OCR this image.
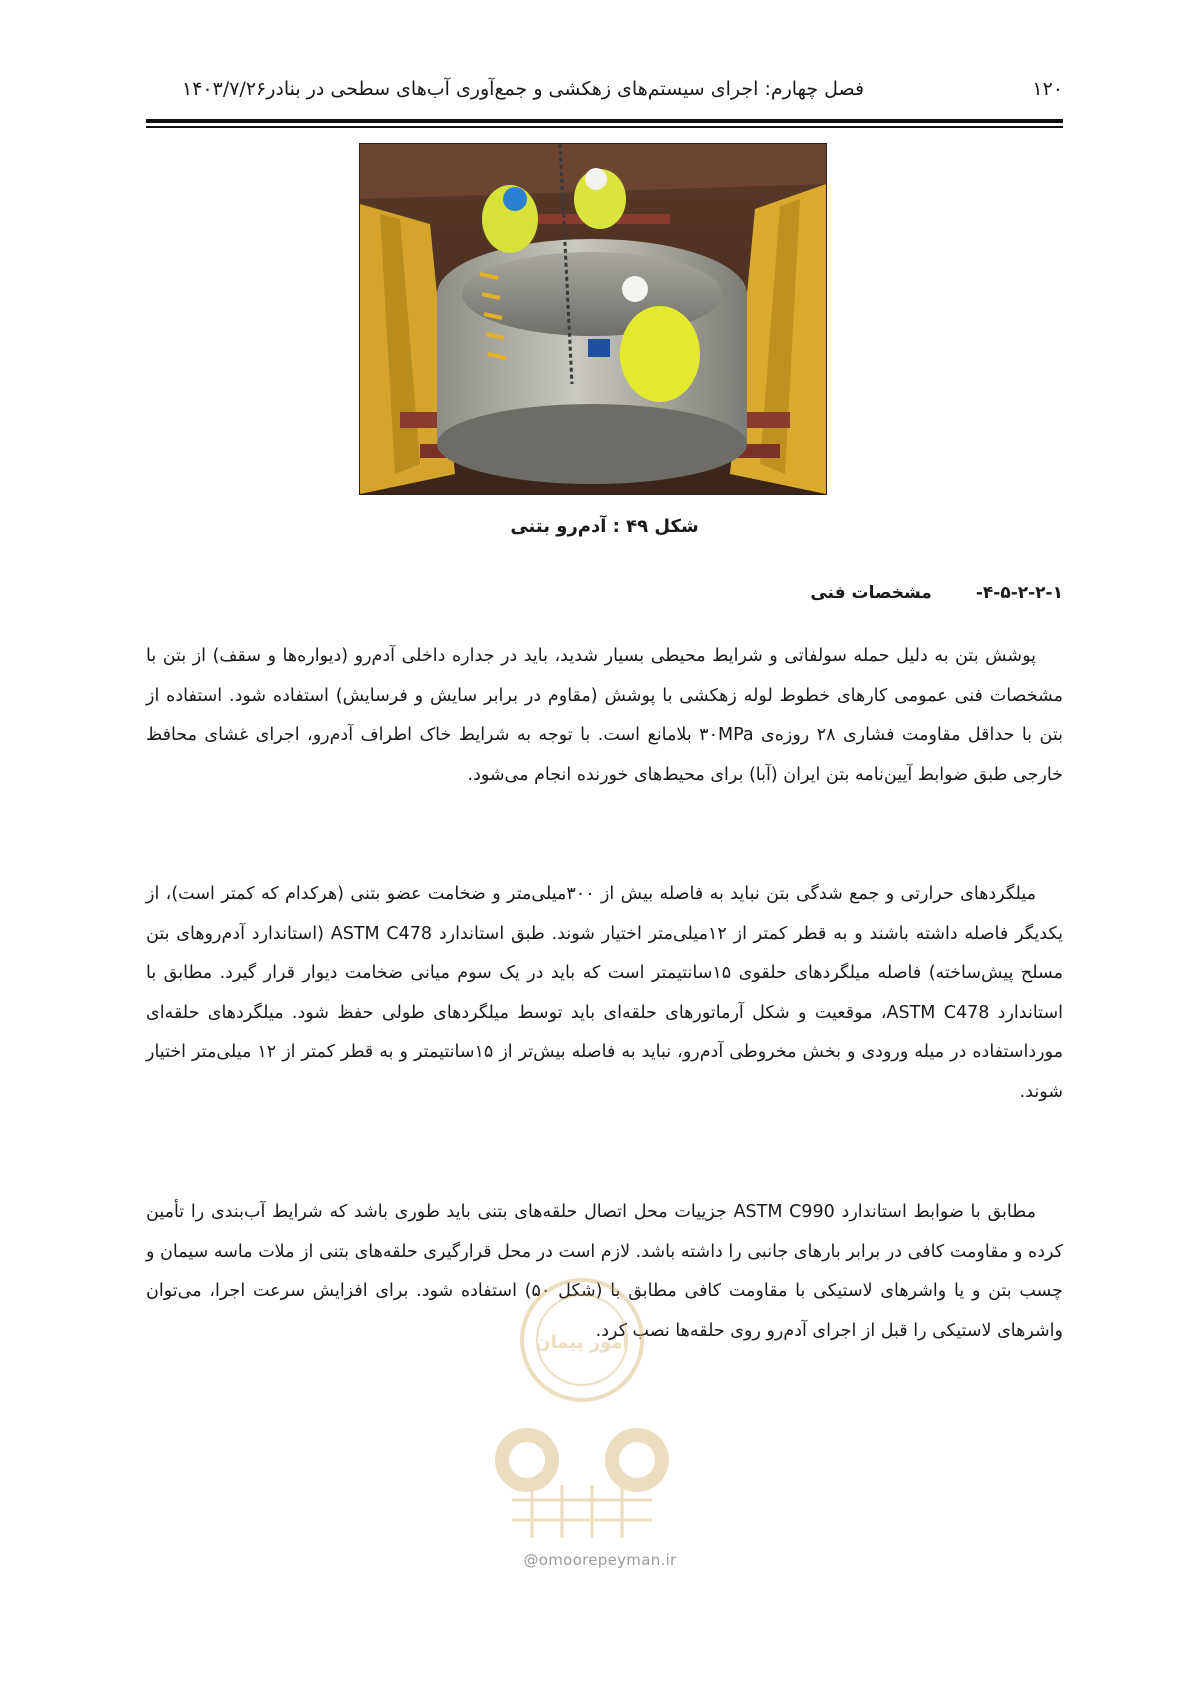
۱۲۰
فصل چهارم: اجرای سیستم‌های زهکشی و جمع‌آوری آب‌های سطحی در بنادر۱۴۰۳/۷/۲۶
شکل ۴۹ : آدم‌رو بتنی
۴-۵-۲-۲-۱-مشخصات فنی

پوشش بتن به دلیل حمله سولفاتی و شرایط محیطی بسیار شدید، باید در جداره داخلی آدم‌رو (دیواره‌ها و سقف) از بتن با مشخصات فنی عمومی کارهای خطوط لوله زهکشی با پوشش (مقاوم در برابر سایش و فرسایش) استفاده شود. استفاده از بتن با حداقل مقاومت فشاری ۲۸ روزه‌ی ۳۰MPa بلامانع است. با توجه به شرایط خاک اطراف آدم‌رو، اجرای غشای محافظ خارجی طبق ضوابط آیین‌نامه بتن ایران (آبا) برای محیط‌های خورنده انجام می‌شود.

میلگردهای حرارتی و جمع شدگی بتن نباید به فاصله بیش از ۳۰۰میلی‌متر و ضخامت عضو بتنی (هرکدام که کمتر است)، از یکدیگر فاصله داشته باشند و به قطر کمتر از ۱۲میلی‌متر اختیار شوند. طبق استاندارد ASTM C478 (استاندارد آدم‌روهای بتن مسلح پیش‌ساخته) فاصله میلگردهای حلقوی ۱۵سانتیمتر است که باید در یک سوم میانی ضخامت دیوار قرار گیرد. مطابق با استاندارد ASTM C478، موقعیت و شکل آرماتورهای حلقه‌ای باید توسط میلگردهای طولی حفظ شود. میلگردهای حلقه‌ای مورداستفاده در میله ورودی و بخش مخروطی آدم‌رو، نباید به فاصله بیش‌تر از ۱۵سانتیمتر و به قطر کمتر از ۱۲ میلی‌متر اختیار شوند.

مطابق با ضوابط استاندارد ASTM C990 جزییات محل اتصال حلقه‌های بتنی باید طوری باشد که شرایط آب‌بندی را تأمین کرده و مقاومت کافی در برابر بارهای جانبی را داشته باشد. لازم است در محل قرارگیری حلقه‌های بتنی از ملات ماسه سیمان و چسب بتن و یا واشرهای لاستیکی با مقاومت کافی مطابق با (شکل ۵۰) استفاده شود. برای افزایش سرعت اجرا، می‌توان واشرهای لاستیکی را قبل از اجرای آدم‌رو روی حلقه‌ها نصب کرد.

امور پیمان
@omoorepeyman.ir
